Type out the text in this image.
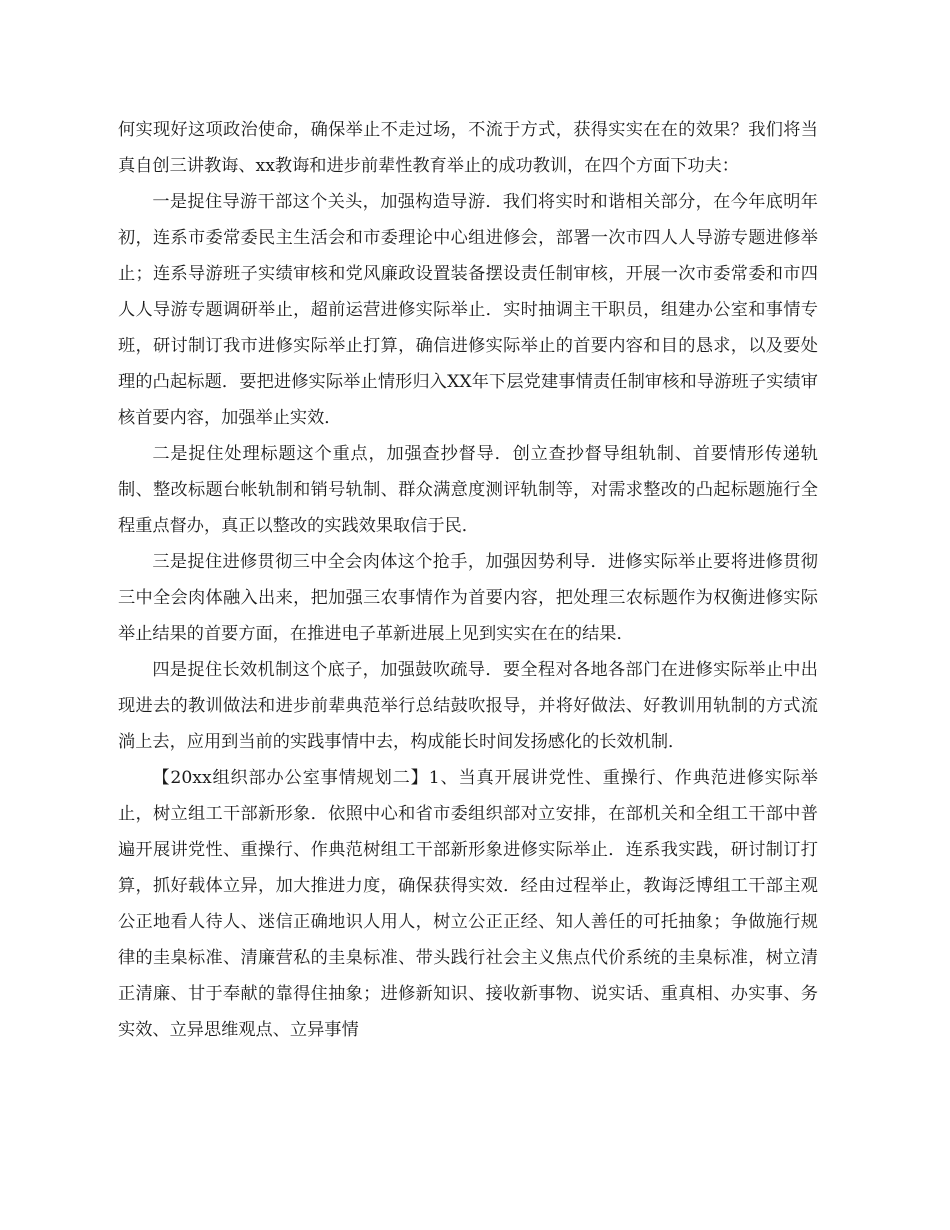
何实现好这项政治使命，确保举止不走过场，不流于方式，获得实实在在的效果？我们将当真自创三讲教诲、xx教诲和进步前辈性教育举止的成功教训，在四个方面下功夫：

一是捉住导游干部这个关头，加强构造导游．我们将实时和谐相关部分，在今年底明年初，连系市委常委民主生活会和市委理论中心组进修会，部署一次市四人人导游专题进修举止；连系导游班子实绩审核和党风廉政设置装备摆设责任制审核，开展一次市委常委和市四人人导游专题调研举止，超前运营进修实际举止．实时抽调主干职员，组建办公室和事情专班，研讨制订我市进修实际举止打算，确信进修实际举止的首要内容和目的恳求，以及要处理的凸起标题．要把进修实际举止情形归入XX年下层党建事情责任制审核和导游班子实绩审核首要内容，加强举止实效．

二是捉住处理标题这个重点，加强查抄督导．创立查抄督导组轨制、首要情形传递轨制、整改标题台帐轨制和销号轨制、群众满意度测评轨制等，对需求整改的凸起标题施行全程重点督办，真正以整改的实践效果取信于民．

三是捉住进修贯彻三中全会肉体这个抢手，加强因势利导．进修实际举止要将进修贯彻三中全会肉体融入出来，把加强三农事情作为首要内容，把处理三农标题作为权衡进修实际举止结果的首要方面，在推进电子革新进展上见到实实在在的结果．

四是捉住长效机制这个底子，加强鼓吹疏导．要全程对各地各部门在进修实际举止中出现进去的教训做法和进步前辈典范举行总结鼓吹报导，并将好做法、好教训用轨制的方式流淌上去，应用到当前的实践事情中去，构成能长时间发扬感化的长效机制．

【20xx组织部办公室事情规划二】1、当真开展讲党性、重操行、作典范进修实际举止，树立组工干部新形象．依照中心和省市委组织部对立安排，在部机关和全组工干部中普遍开展讲党性、重操行、作典范树组工干部新形象进修实际举止．连系我实践，研讨制订打算，抓好载体立异，加大推进力度，确保获得实效．经由过程举止，教诲泛博组工干部主观公正地看人待人、迷信正确地识人用人，树立公正正经、知人善任的可托抽象；争做施行规律的圭臬标准、清廉营私的圭臬标准、带头践行社会主义焦点代价系统的圭臬标准，树立清正清廉、甘于奉献的靠得住抽象；进修新知识、接收新事物、说实话、重真相、办实事、务实效、立异思维观点、立异事情
